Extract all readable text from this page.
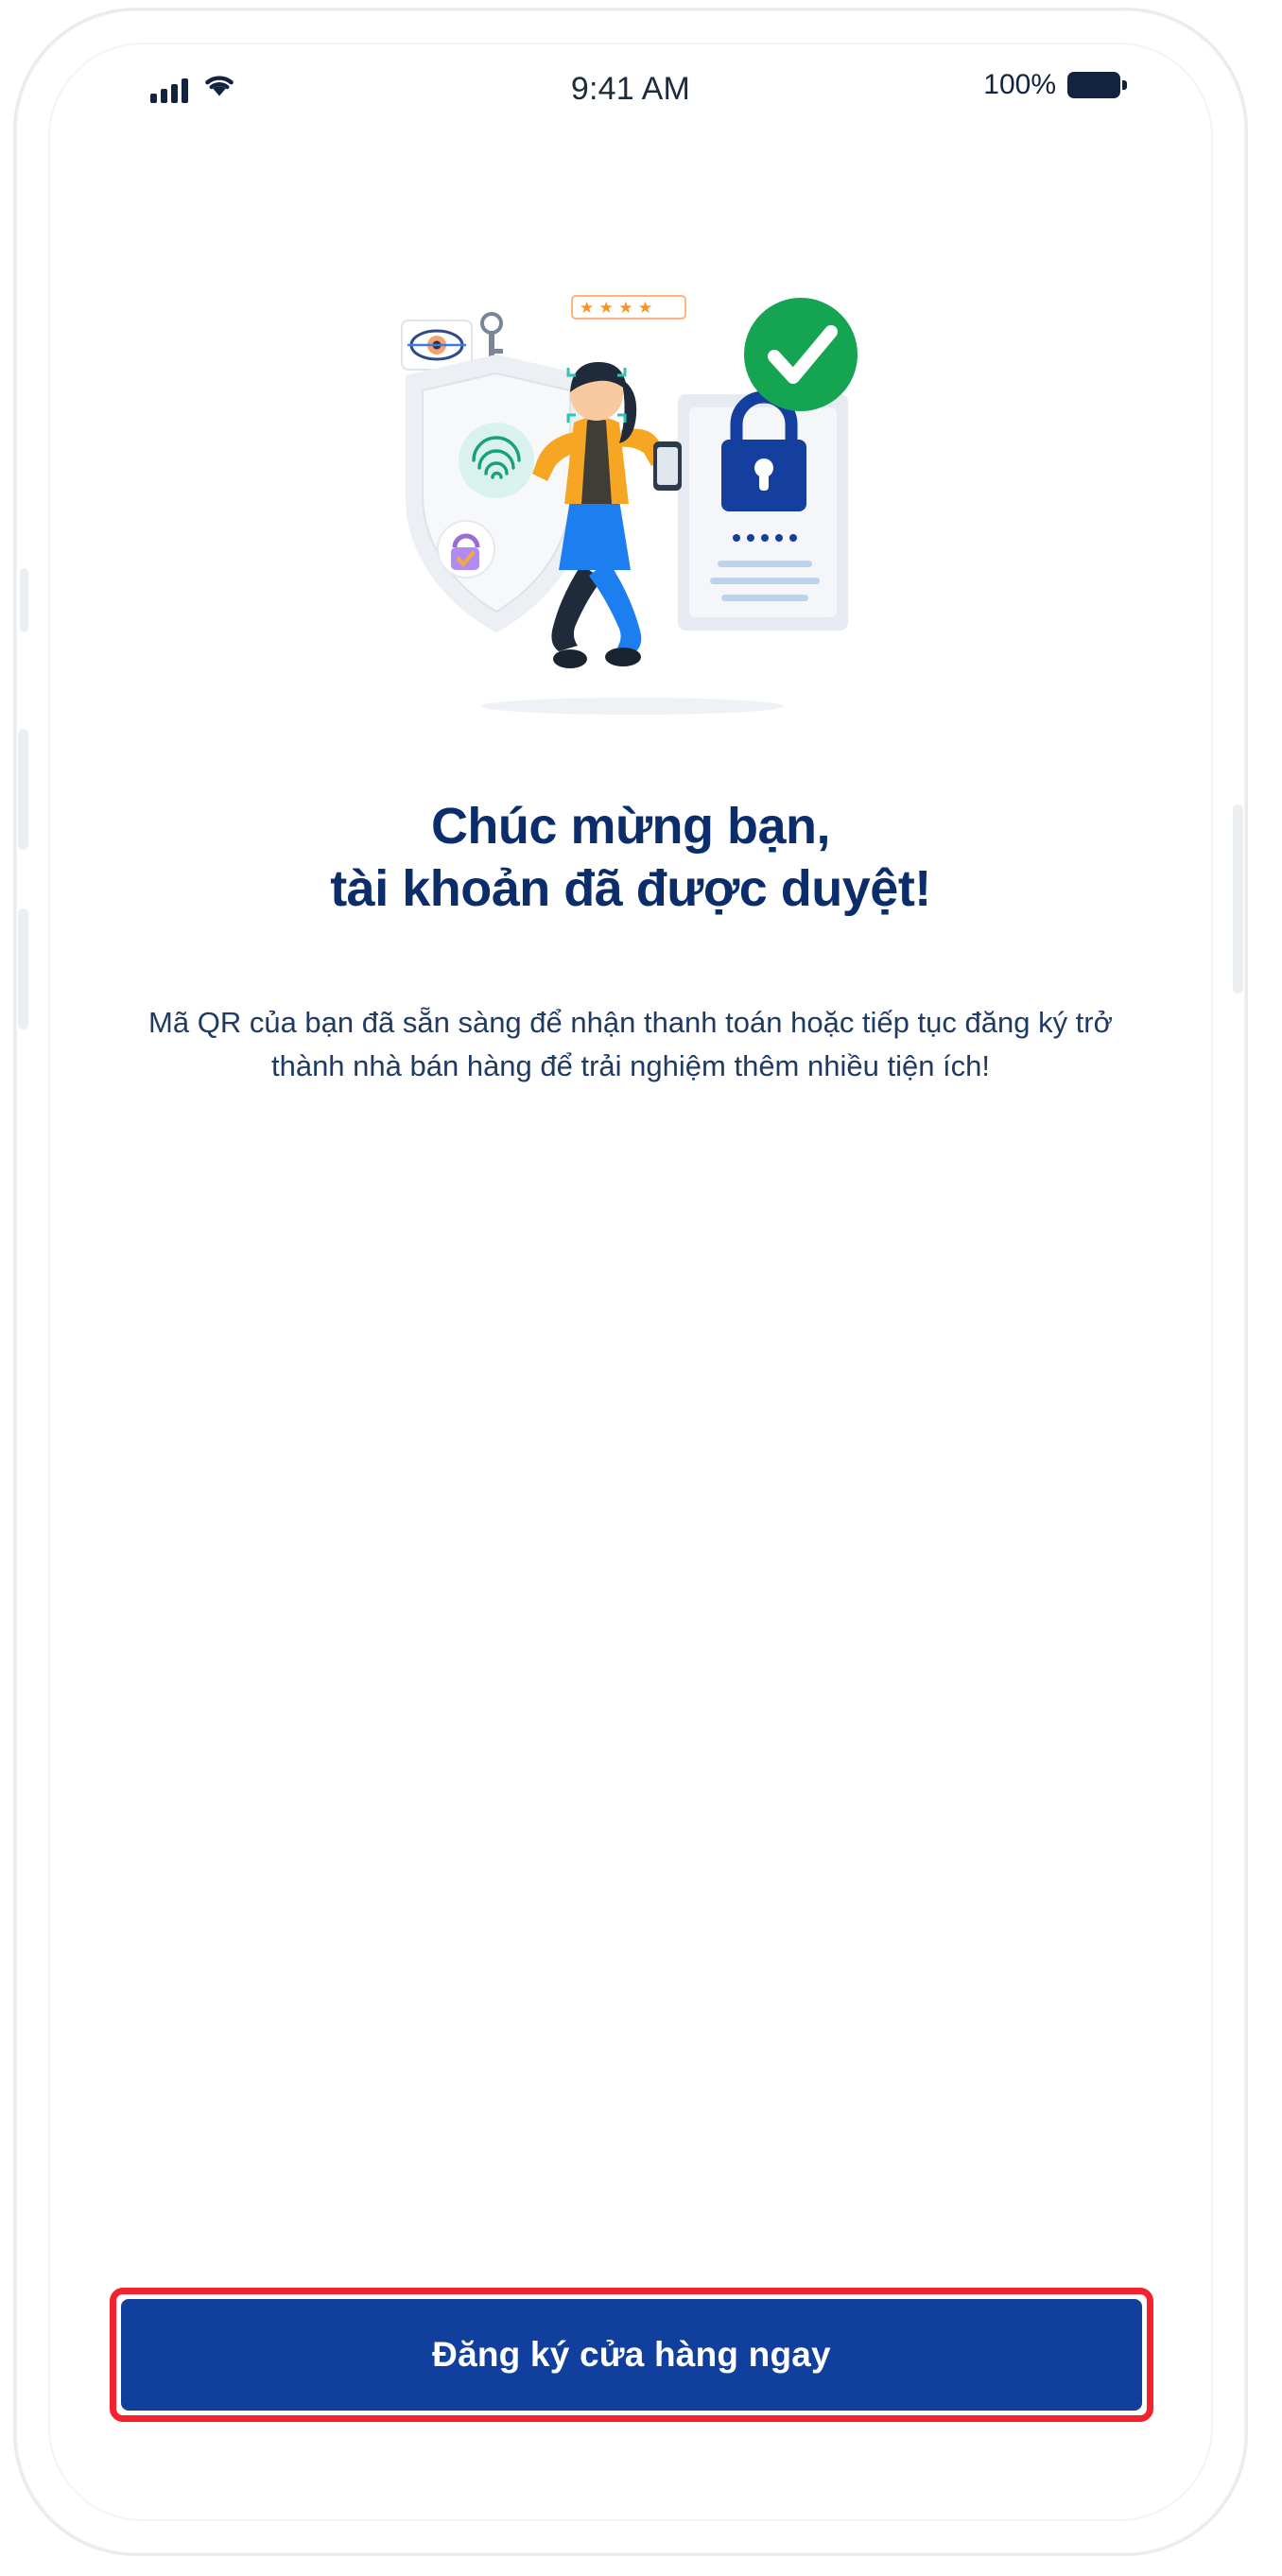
9:41 AM	100%
★ ★ ★ ★
Chúc mừng bạn,
tài khoản đã được duyệt!
Mã QR của bạn đã sẵn sàng để nhận thanh toán hoặc tiếp tục đăng ký trở thành nhà bán hàng để trải nghiệm thêm nhiều tiện ích!
Đăng ký cửa hàng ngay
